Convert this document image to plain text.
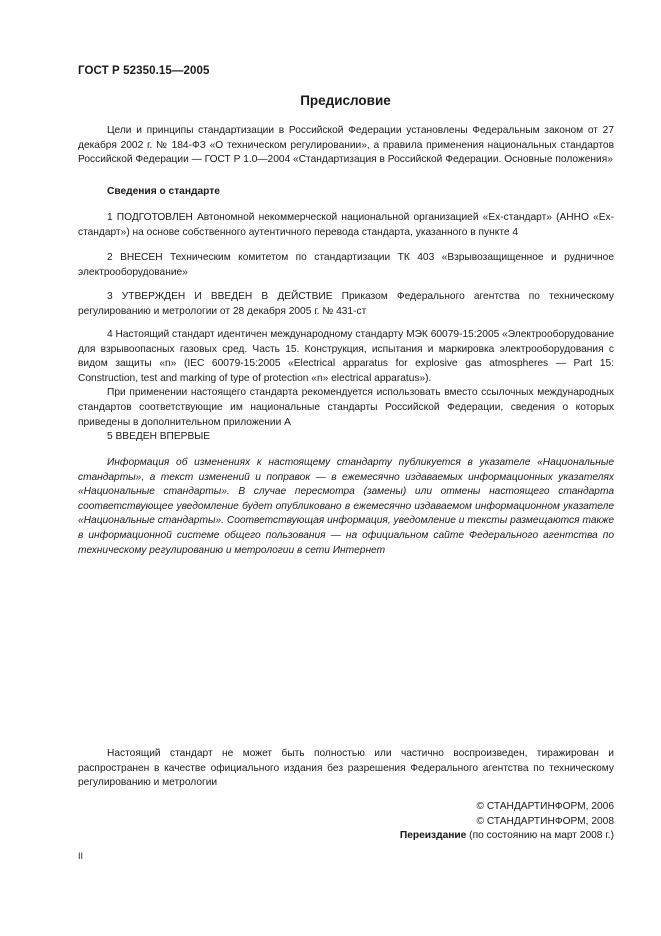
ГОСТ Р 52350.15—2005
Предисловие

Цели и принципы стандартизации в Российской Федерации установлены Федеральным законом от 27 декабря 2002 г. № 184-ФЗ «О техническом регулировании», а правила применения национальных стандартов Российской Федерации — ГОСТ Р 1.0—2004 «Стандартизация в Российской Федерации. Основные положения»

Сведения о стандарте

1 ПОДГОТОВЛЕН Автономной некоммерческой национальной организацией «Ех-стандарт» (АННО «Ех-стандарт») на основе собственного аутентичного перевода стандарта, указанного в пункте 4

2 ВНЕСЕН Техническим комитетом по стандартизации ТК 403 «Взрывозащищенное и рудничное электрооборудование»

3 УТВЕРЖДЕН И ВВЕДЕН В ДЕЙСТВИЕ Приказом Федерального агентства по техническому регулированию и метрологии от 28 декабря 2005 г. № 431-ст

4 Настоящий стандарт идентичен международному стандарту МЭК 60079-15:2005 «Электрооборудование для взрывоопасных газовых сред. Часть 15. Конструкция, испытания и маркировка электрооборудования с видом защиты «n» (IEC 60079-15:2005 «Electrical apparatus for explosive gas atmospheres — Part 15: Construction, test and marking of type of protection «n» electrical apparatus»).

При применении настоящего стандарта рекомендуется использовать вместо ссылочных международных стандартов соответствующие им национальные стандарты Российской Федерации, сведения о которых приведены в дополнительном приложении А

5 ВВЕДЕН ВПЕРВЫЕ

Информация об изменениях к настоящему стандарту публикуется в указателе «Национальные стандарты», а текст изменений и поправок — в ежемесячно издаваемых информационных указателях «Национальные стандарты». В случае пересмотра (замены) или отмены настоящего стандарта соответствующее уведомление будет опубликовано в ежемесячно издаваемом информационном указателе «Национальные стандарты». Соответствующая информация, уведомление и тексты размещаются также в информационной системе общего пользования — на официальном сайте Федерального агентства по техническому регулированию и метрологии в сети Интернет

Настоящий стандарт не может быть полностью или частично воспроизведен, тиражирован и распространен в качестве официального издания без разрешения Федерального агентства по техническому регулированию и метрологии

© СТАНДАРТИНФОРМ, 2006
© СТАНДАРТИНФОРМ, 2008
Переиздание (по состоянию на март 2008 г.)
II
